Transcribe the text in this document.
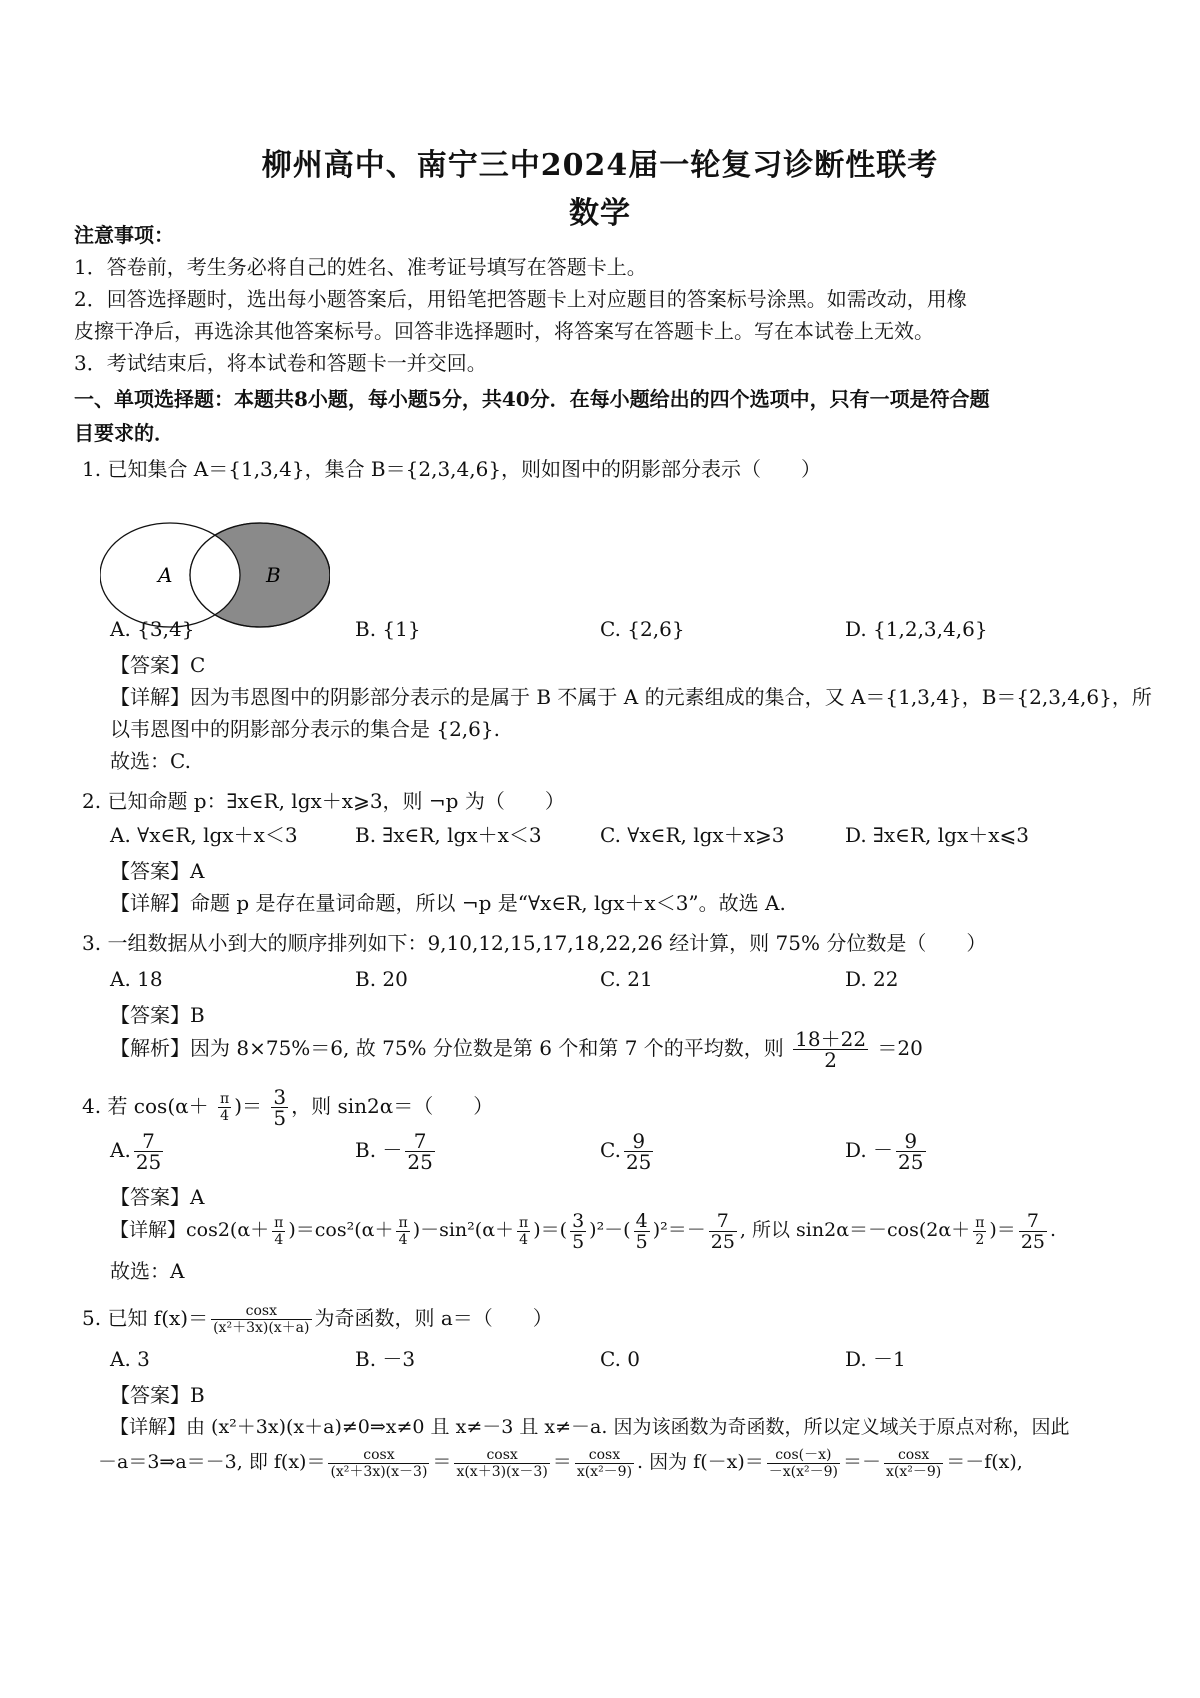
柳州高中、南宁三中2024届一轮复习诊断性联考
数学
注意事项：
1．答卷前，考生务必将自己的姓名、准考证号填写在答题卡上。
2．回答选择题时，选出每小题答案后，用铅笔把答题卡上对应题目的答案标号涂黑。如需改动，用橡
皮擦干净后，再选涂其他答案标号。回答非选择题时，将答案写在答题卡上。写在本试卷上无效。
3．考试结束后，将本试卷和答题卡一并交回。
一、单项选择题：本题共8小题，每小题5分，共40分．在每小题给出的四个选项中，只有一项是符合题
目要求的．
1. 已知集合 A＝{1,3,4}，集合 B＝{2,3,4,6}，则如图中的阴影部分表示（　　）
A	B
A. {3,4}	B. {1}	C. {2,6}	D. {1,2,3,4,6}
【答案】C
【详解】因为韦恩图中的阴影部分表示的是属于 B 不属于 A 的元素组成的集合，又 A＝{1,3,4}，B＝{2,3,4,6}，所
以韦恩图中的阴影部分表示的集合是 {2,6}.
故选：C.
2. 已知命题 p：∃x∈R, lgx＋x⩾3，则 ¬p 为（　　）
A. ∀x∈R, lgx＋x＜3	B. ∃x∈R, lgx＋x＜3	C. ∀x∈R, lgx＋x⩾3	D. ∃x∈R, lgx＋x⩽3
【答案】A
【详解】命题 p 是存在量词命题，所以 ¬p 是“∀x∈R, lgx＋x＜3”。故选 A.
3. 一组数据从小到大的顺序排列如下：9,10,12,15,17,18,22,26 经计算，则 75% 分位数是（　　）
A. 18	B. 20	C. 21	D. 22
【答案】B
【解析】因为 8×75%＝6, 故 75% 分位数是第 6 个和第 7 个的平均数，则 $\frac{18+22}{2} =20$
4. 若 $\cos(\alpha+ \frac{\pi}{4}$ )＝ $\frac{3}{5}$ ，则 sin2α＝（　　）
A. $\frac{7}{25}$	B. － $\frac{7}{25}$	C. $\frac{9}{25}$	D. － $\frac{9}{25}$
【答案】A
【详解】$\cos 2(\alpha+ \frac{\pi}{4} )=\cos^2(\alpha+ \frac{\pi}{4} )-\sin^2(\alpha+ \frac{\pi}{4}$ )＝( $\frac{3}{5} )^2-( \frac{4}{5} )^2=- \frac{7}{25}$ , 所以 $\sin 2\alpha=-\cos(2\alpha+ \frac{\pi}{2}$ )＝ $\frac{7}{25}$ .
故选：A
5. 已知 $f(x)= \frac{\cos x}{\text{(x²＋3x)(x＋a)}}$ 为奇函数，则 a＝（　　）
A. 3	B. －3	C. 0	D. －1
【答案】B
【详解】由 (x²＋3x)(x＋a)≠0⇒x≠0 且 x≠－3 且 x≠－a. 因为该函数为奇函数，所以定义域关于原点对称，因此
－a＝3⇒a＝－3, 即 $f(x)= \frac{\cos x}{\text{(x²＋3x)(x－3)}} = \frac{\cos x}{x(x+3)(x-3)} = \frac{\cos x}{\text{x(x²－9)}}$ . 因为 $f(-x)= \frac{\cos(-x)}{\text{－x(x²－9)}} =- \frac{\cos x}{\text{x(x²－9)}} =-f(x)$,
